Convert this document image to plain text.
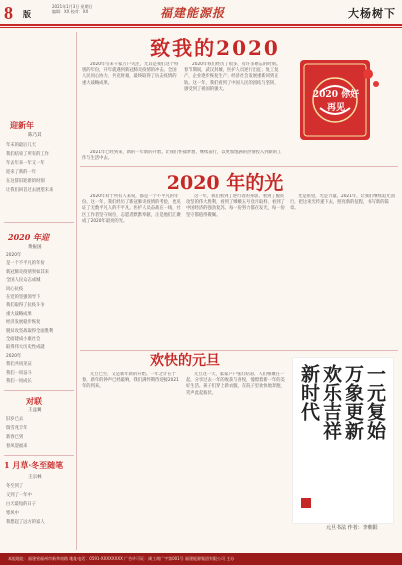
8 版
2021年1月3日 星期日
编辑：XX 校对：XX	福建能源报	大杨树下
迎新年
陈乃其
年末的最后几天
我们结束了所有的工作
年去年来一年又一年
迎来了新的一年
在这辞旧迎新的时刻
让我们回首过去展望未来
2020 年迎
黄振国
2020年
是一个不平凡的年份
新冠肺炎疫情突如其来
全国人民众志成城
同心抗疫
在党的坚强领导下
我们取得了抗疫斗争
重大战略成果
经济发展稳步恢复
脱贫攻坚战取得全面胜利
全面建成小康社会
取得伟大历史性成就
2020年
我们共同见证
我们一同奋斗
我们一同成长
对联
王益翼
旧岁已去
瑞雪兆丰年
新春已到
春风迎福来
1 月草·冬至随笔
王宗林
冬至到了
又到了一年中
白天最短的日子
寒风中
我想起了远方的家人
致我的2020
2020年引来千家万户关注，尤其是我们这个特别的年份，开年就遇到新冠肺炎疫情的冲击。全国人民同心协力、共克时艰，最终取得了抗击疫情的重大战略成果。
2020年我们经历了很多，有许多难忘的时刻。春节期间，武汉封城，医护人员逆行出征；复工复产，企业逐步恢复生产；经济社会发展重新回到正轨。这一年，我们看到了中国人民的团结与坚韧，感受到了祖国的强大。
2021年已经到来，新的一年新的开始。让我们怀揣梦想，继续前行，以更加饱满的热情投入到新的工作与生活中去。
2020 你好 再见
2020 年的光
2020年对于所有人来说，都是一个不平凡的年份。这一年，我们经历了新冠肺炎疫情的考验，也见证了无数平凡人的不平凡。医护人员奋战在一线，社区工作者坚守岗位，志愿者默默奉献，正是他们汇聚成了2020年最亮的光。
这一年，我们看到了逆行者的身影，看到了脱贫攻坚的伟大胜利，看到了嫦娥五号登月取样，看到了中国经济的强劲复苏。每一份努力都在发光，每一份坚守都值得敬佩。
光是希望，光是力量。2021年，让我们继续追光而行，把这束光传递下去，照亮新的征程，书写新的篇章。
欢快的元旦
元旦已至，又是新年新的开始。一年之计在于春，新年的钟声已经敲响，我们满怀期待迎接2021年的到来。
元旦这一天，家家户户张灯结彩，人们相聚在一起，分享过去一年的收获与喜悦，憧憬着新一年的美好生活。孩子们穿上新衣服，在院子里欢快地奔跑，笑声此起彼伏。	一元复始
万象更新
欢乐吉祥
新时代
元旦书法 作者：李朝阳
本报地址：福建省福州市新华南路 地址电话：0591-XXXXXXXX 广告许可证：闽工商广字第001号 福建能源集团有限公司 主办
